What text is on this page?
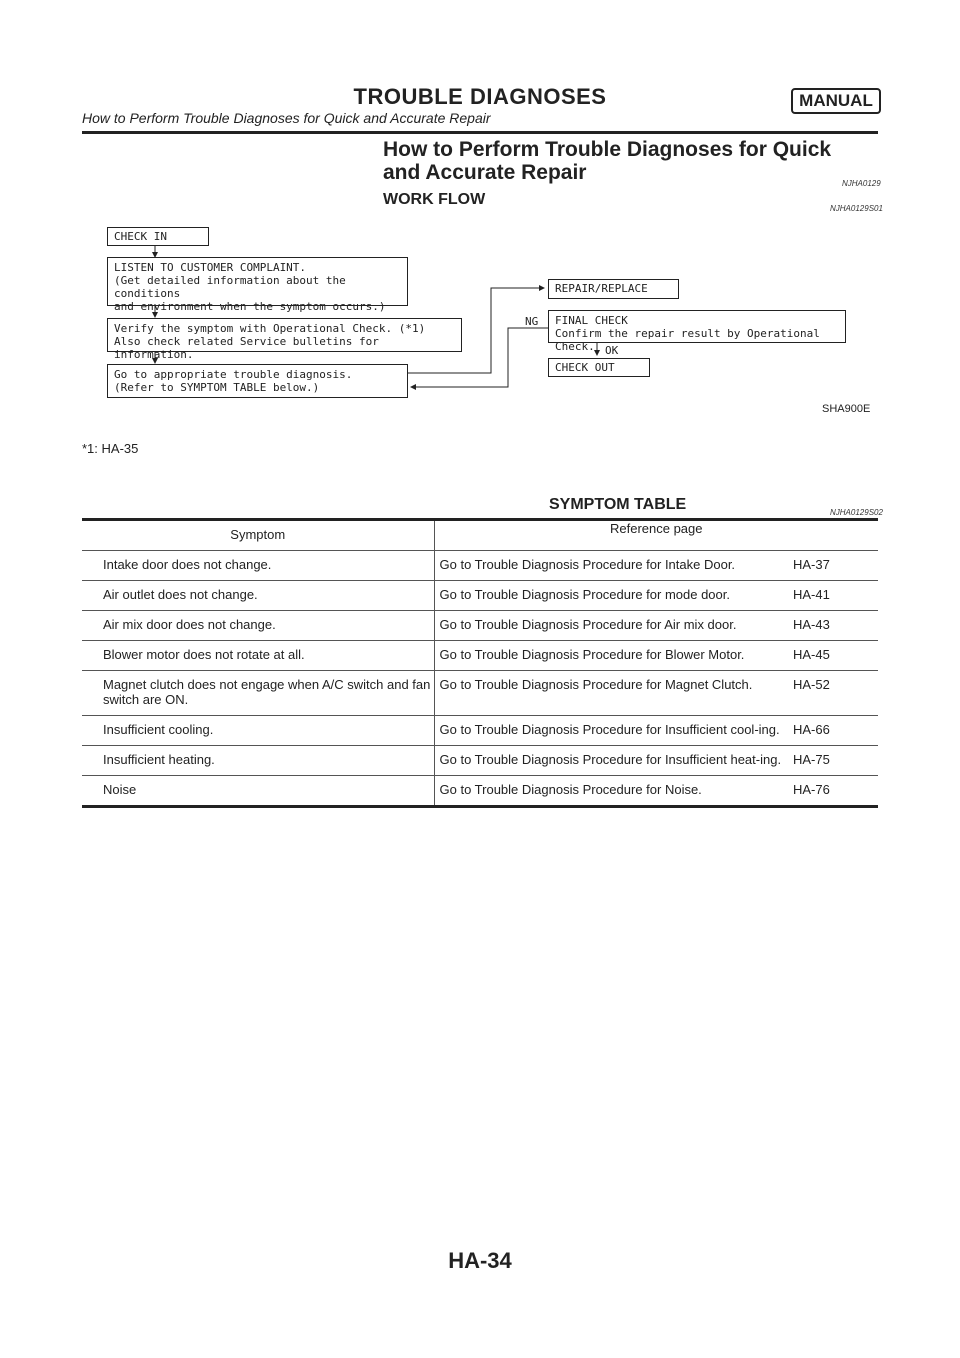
TROUBLE DIAGNOSES	MANUAL
How to Perform Trouble Diagnoses for Quick and Accurate Repair
How to Perform Trouble Diagnoses for Quick
and Accurate Repair	NJHA0129
WORK FLOW
NJHA0129S01
CHECK IN
LISTEN TO CUSTOMER COMPLAINT.
(Get detailed information about the conditions
and environment when the symptom occurs.)
Verify the symptom with Operational Check. (*1)
Also check related Service bulletins for information.
Go to appropriate trouble diagnosis.
(Refer to SYMPTOM TABLE below.)
REPAIR/REPLACE
FINAL CHECK
Confirm the repair result by Operational Check.
CHECK OUT
NG
OK
SHA900E
*1: HA-35
SYMPTOM TABLE	NJHA0129S02
Symptom	Reference page	
Intake door does not change.	Go to Trouble Diagnosis Procedure for Intake Door.	HA-37
Air outlet does not change.	Go to Trouble Diagnosis Procedure for mode door.	HA-41
Air mix door does not change.	Go to Trouble Diagnosis Procedure for Air mix door.	HA-43
Blower motor does not rotate at all.	Go to Trouble Diagnosis Procedure for Blower Motor.	HA-45
Magnet clutch does not engage when A/C switch and fan switch are ON.	Go to Trouble Diagnosis Procedure for Magnet Clutch.	HA-52
Insufficient cooling.	Go to Trouble Diagnosis Procedure for Insufficient cool-ing.	HA-66
Insufficient heating.	Go to Trouble Diagnosis Procedure for Insufficient heat-ing.	HA-75
Noise	Go to Trouble Diagnosis Procedure for Noise.	HA-76
HA-34
